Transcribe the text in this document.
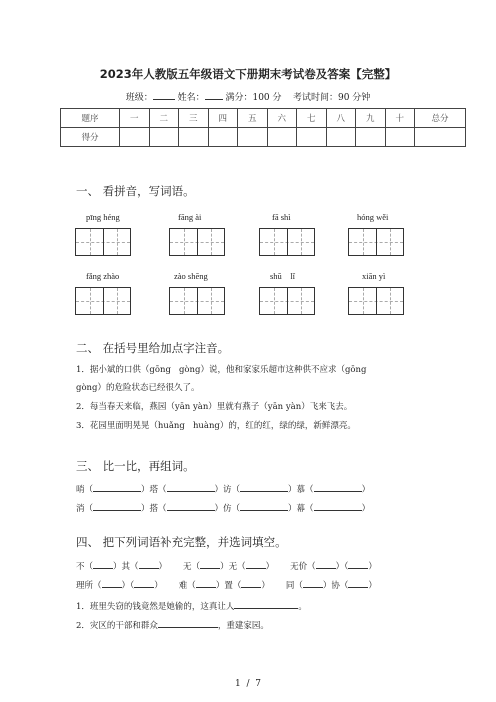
2023年人教版五年级语文下册期末考试卷及答案【完整】
班级：	姓名： 满分：100 分 考试时间：90 分钟
题序	一	二	三	四	五	六	七	八	九	十	总分
得分											
一、 看拼音，写词语。
pīng héng	fāng ài	fā shì	hóng wěi
fǎng zhào	zào shēng	shū    lǐ	xiān yì
二、 在括号里给加点字注音。
1．据小斌的口供（gōng   gòng）说，他和家家乐超市这种供不应求（gōng
gòng）的危险状态已经很久了。
2．每当春天来临，燕园（yān yàn）里就有燕子（yān yàn）飞来飞去。
3．花园里面明晃晃（huǎng   huàng）的，红的红，绿的绿，新鲜漂亮。
三、 比一比，再组词。
哨（	）塔（	）访（	）慕（	）
消（	）搭（	）仿（	）幕（	）
四、 把下列词语补充完整，并选词填空。
不（ ）其（ ） 无（ ）无（ ） 无价（ ）（ ）
理所（ ）（ ） 难（ ）置（ ） 同（ ）协（ ）
1．班里失窃的钱竟然是她偷的，这真让人	。
2．灾区的干部和群众	，重建家园。
1  /  7
